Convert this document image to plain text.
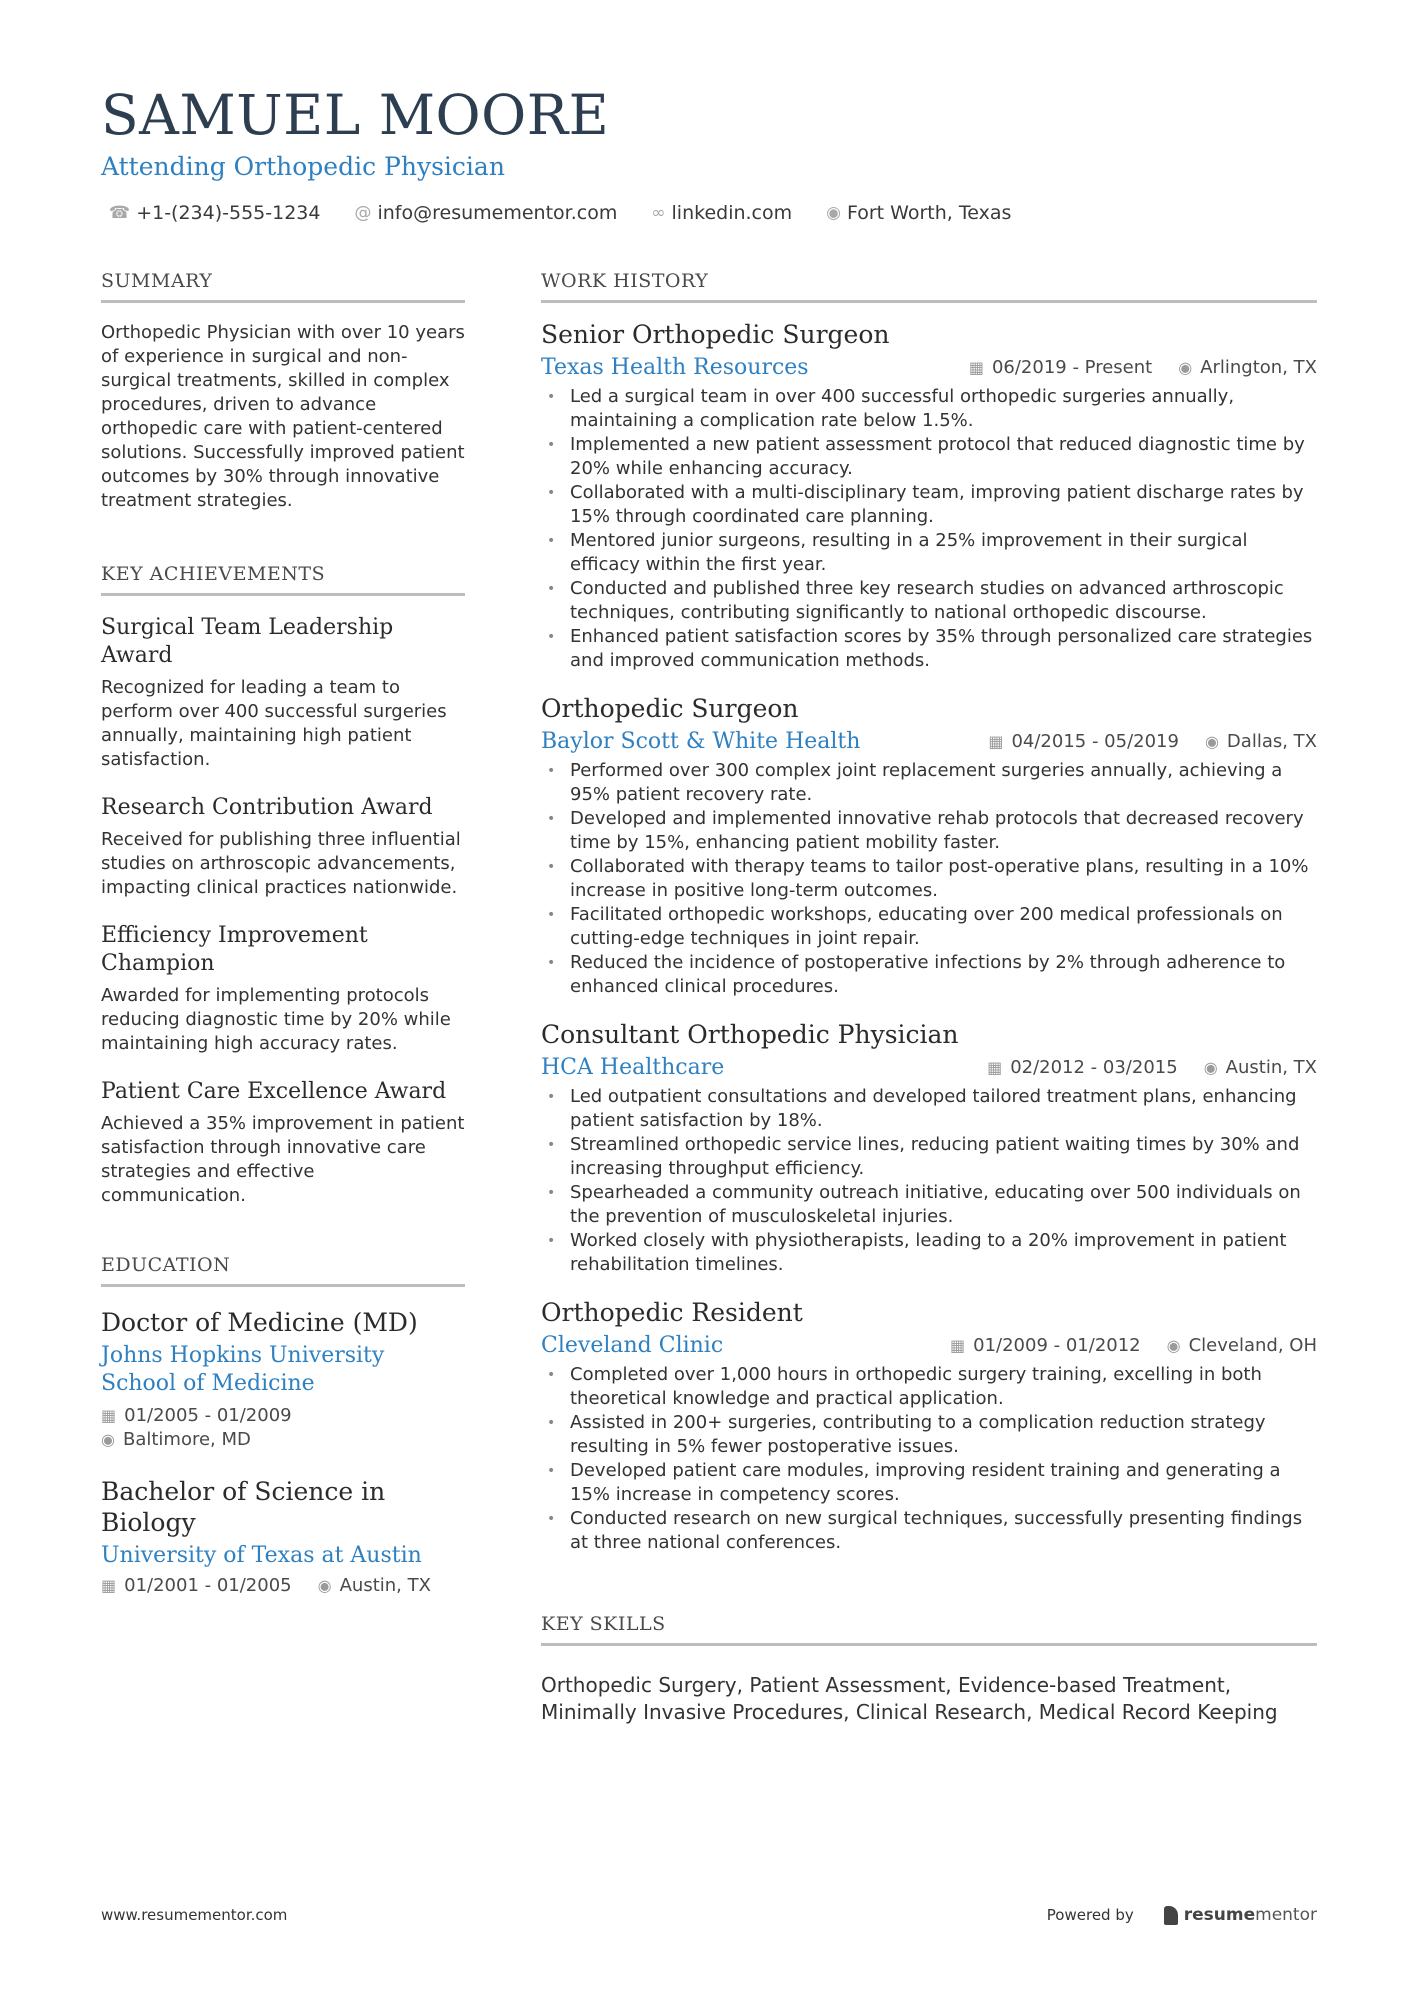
SAMUEL MOORE
Attending Orthopedic Physician
☎ +1-(234)-555-1234 @ info@resumementor.com ∞ linkedin.com ◉ Fort Worth, Texas
SUMMARY
Orthopedic Physician with over 10 years of experience in surgical and non-surgical treatments, skilled in complex procedures, driven to advance orthopedic care with patient-centered solutions. Successfully improved patient outcomes by 30% through innovative treatment strategies.
KEY ACHIEVEMENTS
Surgical Team Leadership Award
Recognized for leading a team to perform over 400 successful surgeries annually, maintaining high patient satisfaction.
Research Contribution Award
Received for publishing three influential studies on arthroscopic advancements, impacting clinical practices nationwide.
Efficiency Improvement Champion
Awarded for implementing protocols reducing diagnostic time by 20% while maintaining high accuracy rates.
Patient Care Excellence Award
Achieved a 35% improvement in patient satisfaction through innovative care strategies and effective communication.
EDUCATION
Doctor of Medicine (MD)
Johns Hopkins University School of Medicine
▦ 01/2005 - 01/2009
◉ Baltimore, MD
Bachelor of Science in Biology
University of Texas at Austin
▦ 01/2001 - 01/2005 ◉ Austin, TX
WORK HISTORY
Senior Orthopedic Surgeon
Texas Health Resources	▦ 06/2019 - Present ◉ Arlington, TX
• Led a surgical team in over 400 successful orthopedic surgeries annually, maintaining a complication rate below 1.5%.
• Implemented a new patient assessment protocol that reduced diagnostic time by 20% while enhancing accuracy.
• Collaborated with a multi-disciplinary team, improving patient discharge rates by 15% through coordinated care planning.
• Mentored junior surgeons, resulting in a 25% improvement in their surgical efficacy within the first year.
• Conducted and published three key research studies on advanced arthroscopic techniques, contributing significantly to national orthopedic discourse.
• Enhanced patient satisfaction scores by 35% through personalized care strategies and improved communication methods.
Orthopedic Surgeon
Baylor Scott & White Health	▦ 04/2015 - 05/2019 ◉ Dallas, TX
• Performed over 300 complex joint replacement surgeries annually, achieving a 95% patient recovery rate.
• Developed and implemented innovative rehab protocols that decreased recovery time by 15%, enhancing patient mobility faster.
• Collaborated with therapy teams to tailor post-operative plans, resulting in a 10% increase in positive long-term outcomes.
• Facilitated orthopedic workshops, educating over 200 medical professionals on cutting-edge techniques in joint repair.
• Reduced the incidence of postoperative infections by 2% through adherence to enhanced clinical procedures.
Consultant Orthopedic Physician
HCA Healthcare	▦ 02/2012 - 03/2015 ◉ Austin, TX
• Led outpatient consultations and developed tailored treatment plans, enhancing patient satisfaction by 18%.
• Streamlined orthopedic service lines, reducing patient waiting times by 30% and increasing throughput efficiency.
• Spearheaded a community outreach initiative, educating over 500 individuals on the prevention of musculoskeletal injuries.
• Worked closely with physiotherapists, leading to a 20% improvement in patient rehabilitation timelines.
Orthopedic Resident
Cleveland Clinic	▦ 01/2009 - 01/2012 ◉ Cleveland, OH
• Completed over 1,000 hours in orthopedic surgery training, excelling in both theoretical knowledge and practical application.
• Assisted in 200+ surgeries, contributing to a complication reduction strategy resulting in 5% fewer postoperative issues.
• Developed patient care modules, improving resident training and generating a 15% increase in competency scores.
• Conducted research on new surgical techniques, successfully presenting findings at three national conferences.
KEY SKILLS
Orthopedic Surgery, Patient Assessment, Evidence-based Treatment, Minimally Invasive Procedures, Clinical Research, Medical Record Keeping
www.resumementor.com	Powered by	resume mentor
